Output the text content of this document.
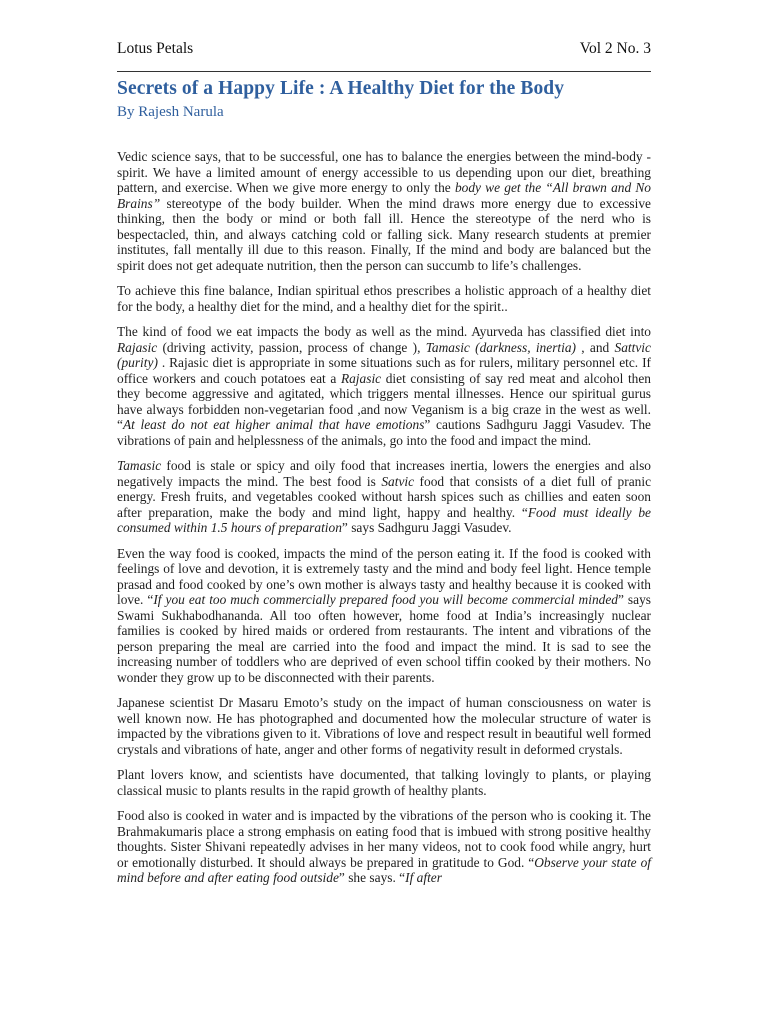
Lotus Petals	Vol 2 No. 3
Secrets of a Happy Life : A Healthy Diet for the Body
By Rajesh Narula

Vedic science says, that to be successful, one has to balance the energies between the mind-body - spirit. We have a limited amount of energy accessible to us depending upon our diet, breathing pattern, and exercise. When we give more energy to only the body we get the “All brawn and No Brains” stereotype of the body builder. When the mind draws more energy due to excessive thinking, then the body or mind or both fall ill. Hence the stereotype of the nerd who is bespectacled, thin, and always catching cold or falling sick. Many research students at premier institutes, fall mentally ill due to this reason. Finally, If the mind and body are balanced but the spirit does not get adequate nutrition, then the person can succumb to life’s challenges.

To achieve this fine balance, Indian spiritual ethos prescribes a holistic approach of a healthy diet for the body, a healthy diet for the mind, and a healthy diet for the spirit..

The kind of food we eat impacts the body as well as the mind. Ayurveda has classified diet into Rajasic (driving activity, passion, process of change ), Tamasic (darkness, inertia) , and Sattvic (purity) . Rajasic diet is appropriate in some situations such as for rulers, military personnel etc. If office workers and couch potatoes eat a Rajasic diet consisting of say red meat and alcohol then they become aggressive and agitated, which triggers mental illnesses. Hence our spiritual gurus have always forbidden non-vegetarian food ,and now Veganism is a big craze in the west as well. “At least do not eat higher animal that have emotions” cautions Sadhguru Jaggi Vasudev. The vibrations of pain and helplessness of the animals, go into the food and impact the mind.

Tamasic food is stale or spicy and oily food that increases inertia, lowers the energies and also negatively impacts the mind. The best food is Satvic food that consists of a diet full of pranic energy. Fresh fruits, and vegetables cooked without harsh spices such as chillies and eaten soon after preparation, make the body and mind light, happy and healthy. “Food must ideally be consumed within 1.5 hours of preparation” says Sadhguru Jaggi Vasudev.

Even the way food is cooked, impacts the mind of the person eating it. If the food is cooked with feelings of love and devotion, it is extremely tasty and the mind and body feel light. Hence temple prasad and food cooked by one’s own mother is always tasty and healthy because it is cooked with love. “If you eat too much commercially prepared food you will become commercial minded” says Swami Sukhabodhananda. All too often however, home food at India’s increasingly nuclear families is cooked by hired maids or ordered from restaurants. The intent and vibrations of the person preparing the meal are carried into the food and impact the mind. It is sad to see the increasing number of toddlers who are deprived of even school tiffin cooked by their mothers. No wonder they grow up to be disconnected with their parents.

Japanese scientist Dr Masaru Emoto’s study on the impact of human consciousness on water is well known now. He has photographed and documented how the molecular structure of water is impacted by the vibrations given to it. Vibrations of love and respect result in beautiful well formed crystals and vibrations of hate, anger and other forms of negativity result in deformed crystals.

Plant lovers know, and scientists have documented, that talking lovingly to plants, or playing classical music to plants results in the rapid growth of healthy plants.

Food also is cooked in water and is impacted by the vibrations of the person who is cooking it. The Brahmakumaris place a strong emphasis on eating food that is imbued with strong positive healthy thoughts. Sister Shivani repeatedly advises in her many videos, not to cook food while angry, hurt or emotionally disturbed. It should always be prepared in gratitude to God. “Observe your state of mind before and after eating food outside” she says. “If after
